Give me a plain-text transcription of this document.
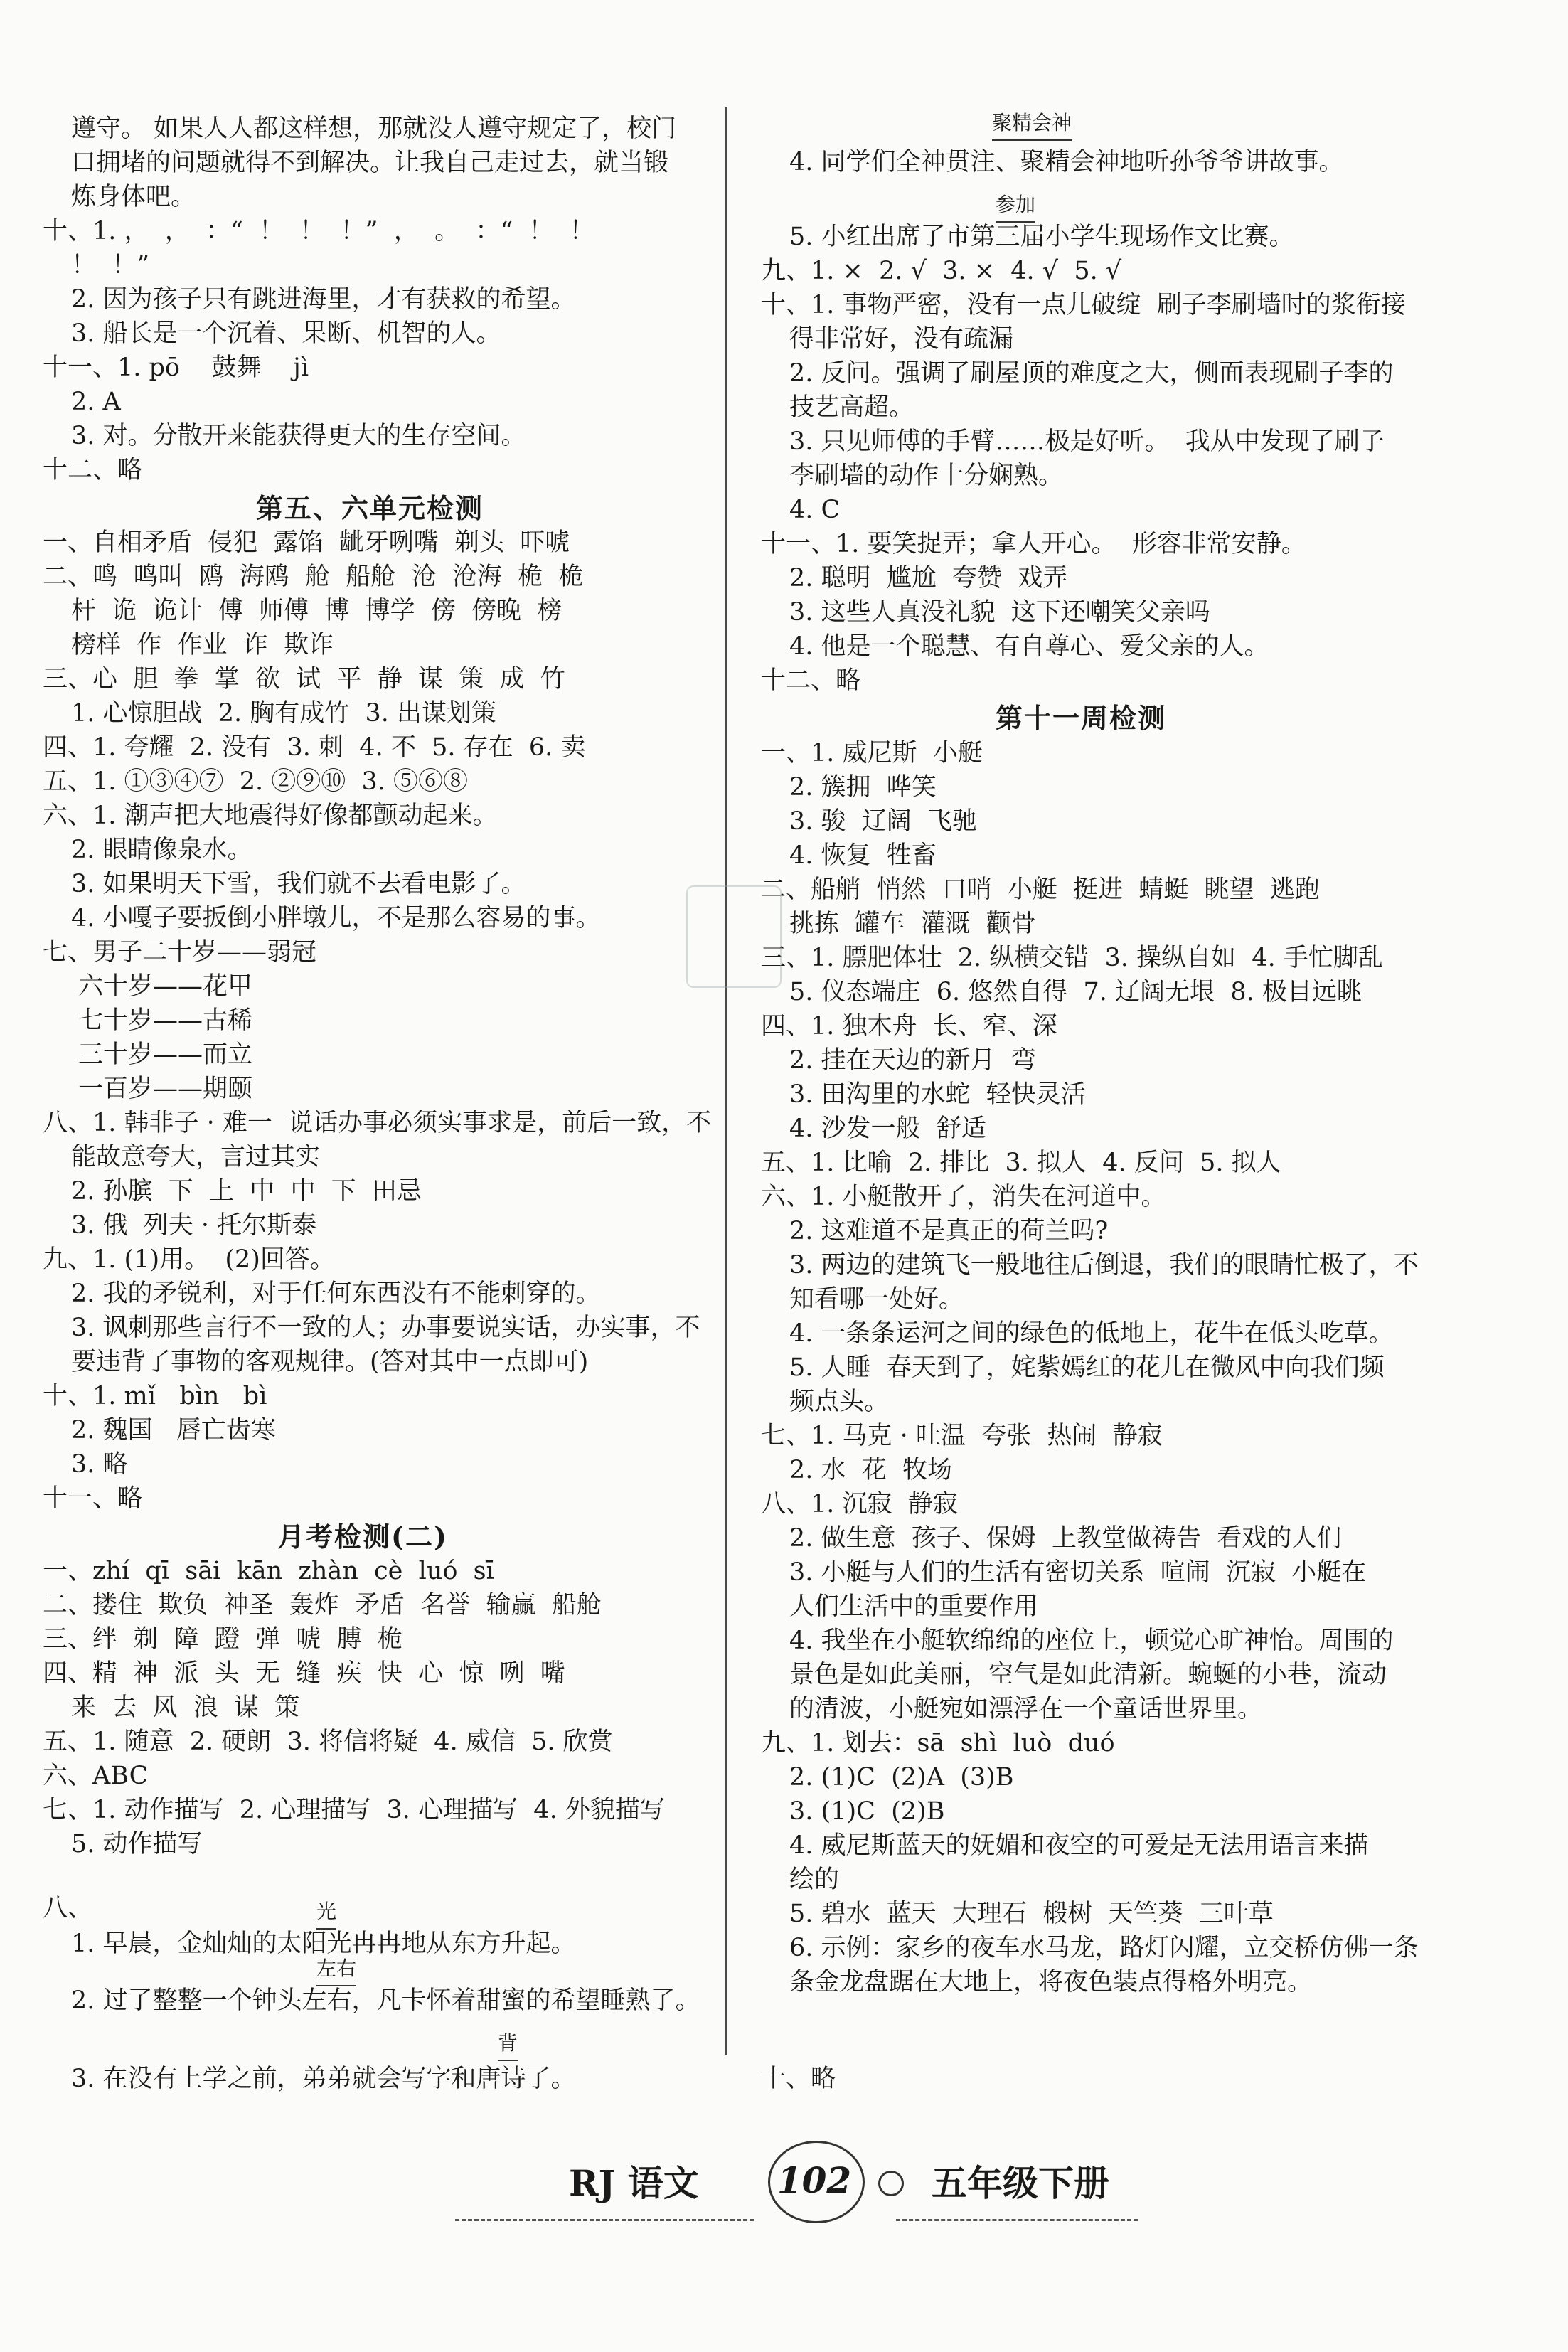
遵守。 如果人人都这样想，那就没人遵守规定了，校门
口拥堵的问题就得不到解决。让我自己走过去，就当锻
炼身体吧。
十、1. ，  ，  ：“  ！  ！  ！”  ，  。  ：“  ！  ！
！  ！”
2. 因为孩子只有跳进海里，才有获救的希望。
3. 船长是一个沉着、果断、机智的人。
十一、1. pō    鼓舞    jì
2. A
3. 对。分散开来能获得更大的生存空间。
十二、略
一、自相矛盾  侵犯  露馅  龇牙咧嘴  剃头  吓唬
二、鸣  鸣叫  鸥  海鸥  舱  船舱  沧  沧海  桅  桅
杆  诡  诡计  傅  师傅  博  博学  傍  傍晚  榜
榜样  作  作业  诈  欺诈
三、心  胆  拳  掌  欲  试  平  静  谋  策  成  竹
1. 心惊胆战  2. 胸有成竹  3. 出谋划策
四、1. 夸耀  2. 没有  3. 刺  4. 不  5. 存在  6. 卖
五、1. ①③④⑦  2. ②⑨⑩  3. ⑤⑥⑧
六、1. 潮声把大地震得好像都颤动起来。
2. 眼睛像泉水。
3. 如果明天下雪，我们就不去看电影了。
4. 小嘎子要扳倒小胖墩儿，不是那么容易的事。
七、男子二十岁——弱冠
六十岁——花甲
七十岁——古稀
三十岁——而立
一百岁——期颐
八、1. 韩非子 · 难一  说话办事必须实事求是，前后一致，不
能故意夸大，言过其实
2. 孙膑  下  上  中  中  下  田忌
3. 俄  列夫 · 托尔斯泰
九、1. (1)用。  (2)回答。
2. 我的矛锐利，对于任何东西没有不能刺穿的。
3. 讽刺那些言行不一致的人；办事要说实话，办实事，不
要违背了事物的客观规律。(答对其中一点即可)
十、1. mǐ   bìn   bì
2. 魏国   唇亡齿寒
3. 略
十一、略
一、zhí  qī  sāi  kān  zhàn  cè  luó  sī
二、搂住  欺负  神圣  轰炸  矛盾  名誉  输赢  船舱
三、绊  剃  障  蹬  弹  唬  膊  桅
四、精  神  派  头  无  缝  疾  快  心  惊  咧  嘴
来  去  风  浪  谋  策
五、1. 随意  2. 硬朗  3. 将信将疑  4. 威信  5. 欣赏
六、ABC
七、1. 动作描写  2. 心理描写  3. 心理描写  4. 外貌描写
5. 动作描写
八、
1. 早晨，金灿灿的太阳光冉冉地从东方升起。
2. 过了整整一个钟头左右，凡卡怀着甜蜜的希望睡熟了。
3. 在没有上学之前，弟弟就会写字和唐诗了。
第五、六单元检测
月考检测(二)
4. 同学们全神贯注、聚精会神地听孙爷爷讲故事。
5. 小红出席了市第三届小学生现场作文比赛。
九、1. ×  2. √  3. ×  4. √  5. √
十、1. 事物严密，没有一点儿破绽  刷子李刷墙时的浆衔接
得非常好，没有疏漏
2. 反问。强调了刷屋顶的难度之大，侧面表现刷子李的
技艺高超。
3. 只见师傅的手臂……极是好听。  我从中发现了刷子
李刷墙的动作十分娴熟。
4. C
十一、1. 要笑捉弄；拿人开心。  形容非常安静。
2. 聪明  尴尬  夸赞  戏弄
3. 这些人真没礼貌  这下还嘲笑父亲吗
4. 他是一个聪慧、有自尊心、爱父亲的人。
十二、略
一、1. 威尼斯  小艇
2. 簇拥  哗笑
3. 骏  辽阔  飞驰
4. 恢复  牲畜
二、船艄  悄然  口哨  小艇  挺进  蜻蜓  眺望  逃跑
挑拣  罐车  灌溉  颧骨
三、1. 膘肥体壮  2. 纵横交错  3. 操纵自如  4. 手忙脚乱
5. 仪态端庄  6. 悠然自得  7. 辽阔无垠  8. 极目远眺
四、1. 独木舟  长、窄、深
2. 挂在天边的新月  弯
3. 田沟里的水蛇  轻快灵活
4. 沙发一般  舒适
五、1. 比喻  2. 排比  3. 拟人  4. 反问  5. 拟人
六、1. 小艇散开了，消失在河道中。
2. 这难道不是真正的荷兰吗?
3. 两边的建筑飞一般地往后倒退，我们的眼睛忙极了，不
知看哪一处好。
4. 一条条运河之间的绿色的低地上，花牛在低头吃草。
5. 人睡  春天到了，姹紫嫣红的花儿在微风中向我们频
频点头。
七、1. 马克 · 吐温  夸张  热闹  静寂
2. 水  花  牧场
八、1. 沉寂  静寂
2. 做生意  孩子、保姆  上教堂做祷告  看戏的人们
3. 小艇与人们的生活有密切关系  喧闹  沉寂  小艇在
人们生活中的重要作用
4. 我坐在小艇软绵绵的座位上，顿觉心旷神怡。周围的
景色是如此美丽，空气是如此清新。蜿蜒的小巷，流动
的清波，小艇宛如漂浮在一个童话世界里。
九、1. 划去：sā  shì  luò  duó
2. (1)C  (2)A  (3)B
3. (1)C  (2)B
4. 威尼斯蓝天的妩媚和夜空的可爱是无法用语言来描
绘的
5. 碧水  蓝天  大理石  椴树  天竺葵  三叶草
6. 示例：家乡的夜车水马龙，路灯闪耀，立交桥仿佛一条
条金龙盘踞在大地上，将夜色装点得格外明亮。
十、略
第十一周检测
聚精会神
参加
光
左右
背
RJ 语文 102 五年级下册
